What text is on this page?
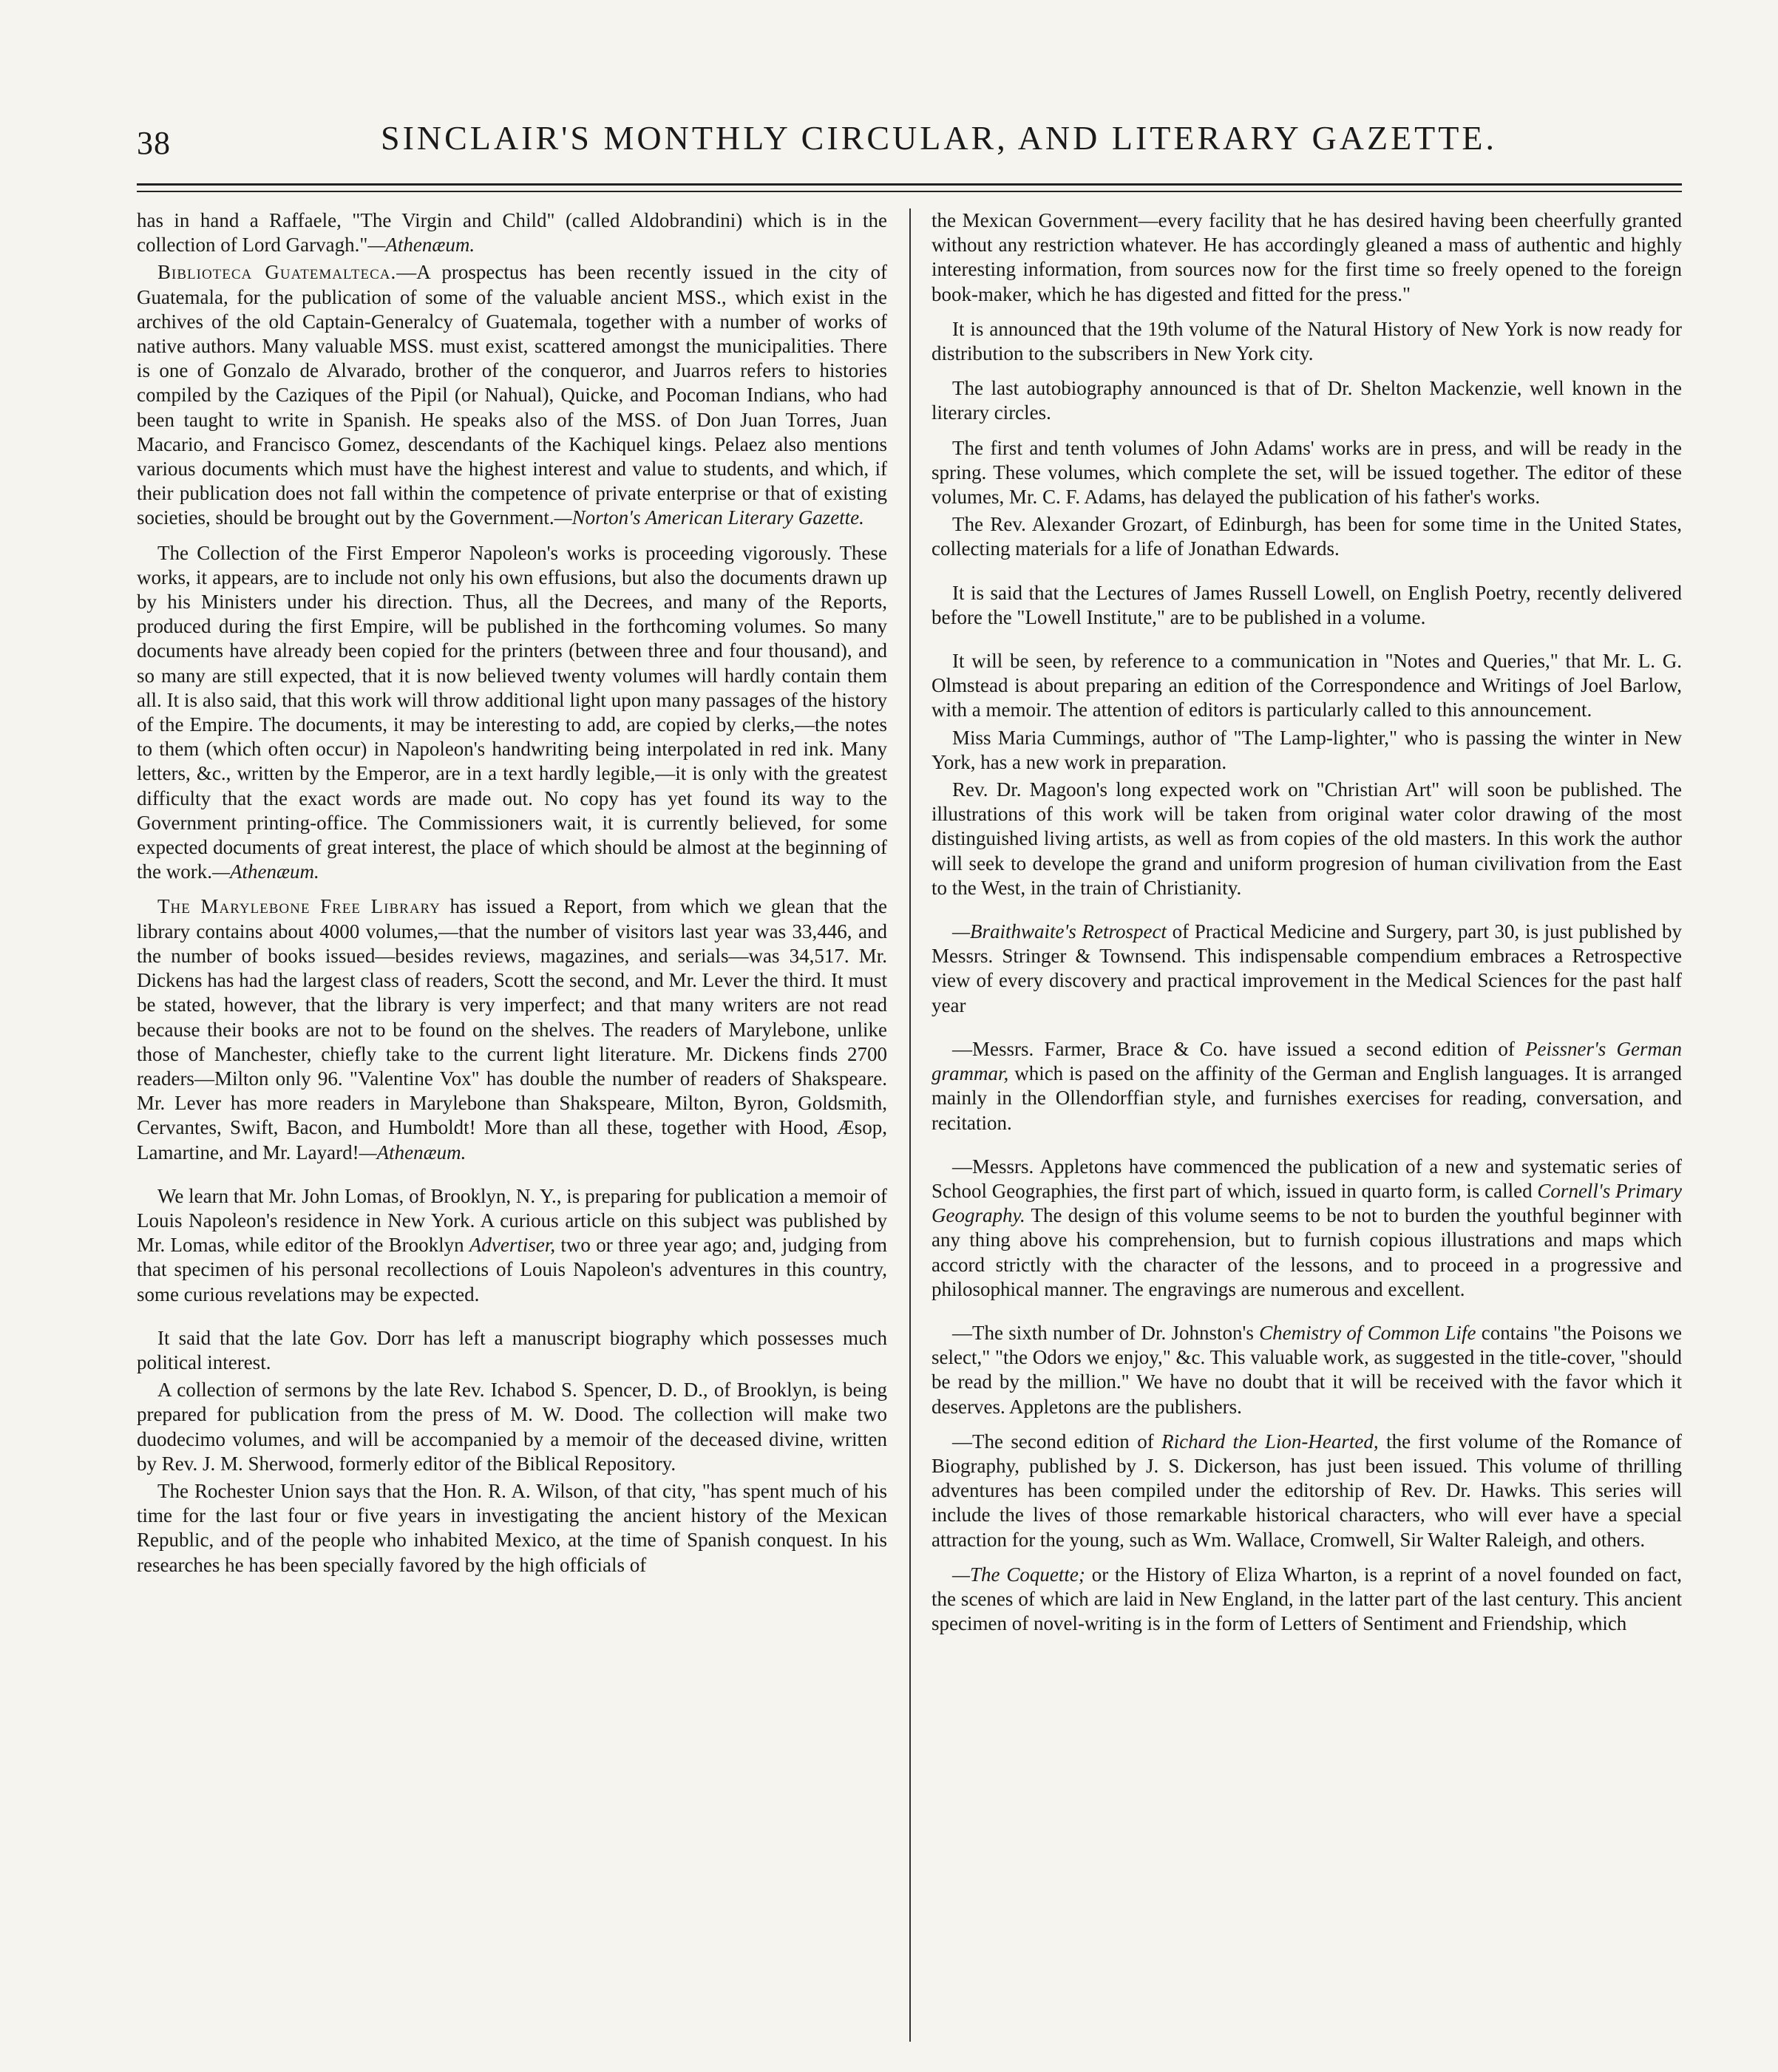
38	SINCLAIR'S MONTHLY CIRCULAR, AND LITERARY GAZETTE.

has in hand a Raffaele, "The Virgin and Child" (called Aldobrandini) which is in the collection of Lord Garvagh."—Athenæum.

Biblioteca Guatemalteca.—A prospectus has been recently issued in the city of Guatemala, for the publication of some of the valuable ancient MSS., which exist in the archives of the old Captain-Generalcy of Guatemala, together with a number of works of native authors. Many valuable MSS. must exist, scattered amongst the municipalities. There is one of Gonzalo de Alvarado, brother of the conqueror, and Juarros refers to histories compiled by the Caziques of the Pipil (or Nahual), Quicke, and Pocoman Indians, who had been taught to write in Spanish. He speaks also of the MSS. of Don Juan Torres, Juan Macario, and Francisco Gomez, descendants of the Kachiquel kings. Pelaez also mentions various documents which must have the highest interest and value to students, and which, if their publication does not fall within the competence of private enterprise or that of existing societies, should be brought out by the Government.—Norton's American Literary Gazette.

The Collection of the First Emperor Napoleon's works is proceeding vigorously. These works, it appears, are to include not only his own effusions, but also the documents drawn up by his Ministers under his direction. Thus, all the Decrees, and many of the Reports, produced during the first Empire, will be published in the forthcoming volumes. So many documents have already been copied for the printers (between three and four thousand), and so many are still expected, that it is now believed twenty volumes will hardly contain them all. It is also said, that this work will throw additional light upon many passages of the history of the Empire. The documents, it may be interesting to add, are copied by clerks,—the notes to them (which often occur) in Napoleon's handwriting being interpolated in red ink. Many letters, &c., written by the Emperor, are in a text hardly legible,—it is only with the greatest difficulty that the exact words are made out. No copy has yet found its way to the Government printing-office. The Commissioners wait, it is currently believed, for some expected documents of great interest, the place of which should be almost at the beginning of the work.—Athenæum.

The Marylebone Free Library has issued a Report, from which we glean that the library contains about 4000 volumes,—that the number of visitors last year was 33,446, and the number of books issued—besides reviews, magazines, and serials—was 34,517. Mr. Dickens has had the largest class of readers, Scott the second, and Mr. Lever the third. It must be stated, however, that the library is very imperfect; and that many writers are not read because their books are not to be found on the shelves. The readers of Marylebone, unlike those of Manchester, chiefly take to the current light literature. Mr. Dickens finds 2700 readers—Milton only 96. "Valentine Vox" has double the number of readers of Shakspeare. Mr. Lever has more readers in Marylebone than Shakspeare, Milton, Byron, Goldsmith, Cervantes, Swift, Bacon, and Humboldt! More than all these, together with Hood, Æsop, Lamartine, and Mr. Layard!—Athenæum.

We learn that Mr. John Lomas, of Brooklyn, N. Y., is preparing for publication a memoir of Louis Napoleon's residence in New York. A curious article on this subject was published by Mr. Lomas, while editor of the Brooklyn Advertiser, two or three year ago; and, judging from that specimen of his personal recollections of Louis Napoleon's adventures in this country, some curious revelations may be expected.

It said that the late Gov. Dorr has left a manuscript biography which possesses much political interest.

A collection of sermons by the late Rev. Ichabod S. Spencer, D. D., of Brooklyn, is being prepared for publication from the press of M. W. Dood. The collection will make two duodecimo volumes, and will be accompanied by a memoir of the deceased divine, written by Rev. J. M. Sherwood, formerly editor of the Biblical Repository.

The Rochester Union says that the Hon. R. A. Wilson, of that city, "has spent much of his time for the last four or five years in investigating the ancient history of the Mexican Republic, and of the people who inhabited Mexico, at the time of Spanish conquest. In his researches he has been specially favored by the high officials of

the Mexican Government—every facility that he has desired having been cheerfully granted without any restriction whatever. He has accordingly gleaned a mass of authentic and highly interesting information, from sources now for the first time so freely opened to the foreign book-maker, which he has digested and fitted for the press."

It is announced that the 19th volume of the Natural History of New York is now ready for distribution to the subscribers in New York city.

The last autobiography announced is that of Dr. Shelton Mackenzie, well known in the literary circles.

The first and tenth volumes of John Adams' works are in press, and will be ready in the spring. These volumes, which complete the set, will be issued together. The editor of these volumes, Mr. C. F. Adams, has delayed the publication of his father's works.

The Rev. Alexander Grozart, of Edinburgh, has been for some time in the United States, collecting materials for a life of Jonathan Edwards.

It is said that the Lectures of James Russell Lowell, on English Poetry, recently delivered before the "Lowell Institute," are to be published in a volume.

It will be seen, by reference to a communication in "Notes and Queries," that Mr. L. G. Olmstead is about preparing an edition of the Correspondence and Writings of Joel Barlow, with a memoir. The attention of editors is particularly called to this announcement.

Miss Maria Cummings, author of "The Lamp-lighter," who is passing the winter in New York, has a new work in preparation.

Rev. Dr. Magoon's long expected work on "Christian Art" will soon be published. The illustrations of this work will be taken from original water color drawing of the most distinguished living artists, as well as from copies of the old masters. In this work the author will seek to develope the grand and uniform progresion of human civilivation from the East to the West, in the train of Christianity.

—Braithwaite's Retrospect of Practical Medicine and Surgery, part 30, is just published by Messrs. Stringer & Townsend. This indispensable compendium embraces a Retrospective view of every discovery and practical improvement in the Medical Sciences for the past half year

—Messrs. Farmer, Brace & Co. have issued a second edition of Peissner's German grammar, which is pased on the affinity of the German and English languages. It is arranged mainly in the Ollendorffian style, and furnishes exercises for reading, conversation, and recitation.

—Messrs. Appletons have commenced the publication of a new and systematic series of School Geographies, the first part of which, issued in quarto form, is called Cornell's Primary Geography. The design of this volume seems to be not to burden the youthful beginner with any thing above his comprehension, but to furnish copious illustrations and maps which accord strictly with the character of the lessons, and to proceed in a progressive and philosophical manner. The engravings are numerous and excellent.

—The sixth number of Dr. Johnston's Chemistry of Common Life contains "the Poisons we select," "the Odors we enjoy," &c. This valuable work, as suggested in the title-cover, "should be read by the million." We have no doubt that it will be received with the favor which it deserves. Appletons are the publishers.

—The second edition of Richard the Lion-Hearted, the first volume of the Romance of Biography, published by J. S. Dickerson, has just been issued. This volume of thrilling adventures has been compiled under the editorship of Rev. Dr. Hawks. This series will include the lives of those remarkable historical characters, who will ever have a special attraction for the young, such as Wm. Wallace, Cromwell, Sir Walter Raleigh, and others.

—The Coquette; or the History of Eliza Wharton, is a reprint of a novel founded on fact, the scenes of which are laid in New England, in the latter part of the last century. This ancient specimen of novel-writing is in the form of Letters of Sentiment and Friendship, which
